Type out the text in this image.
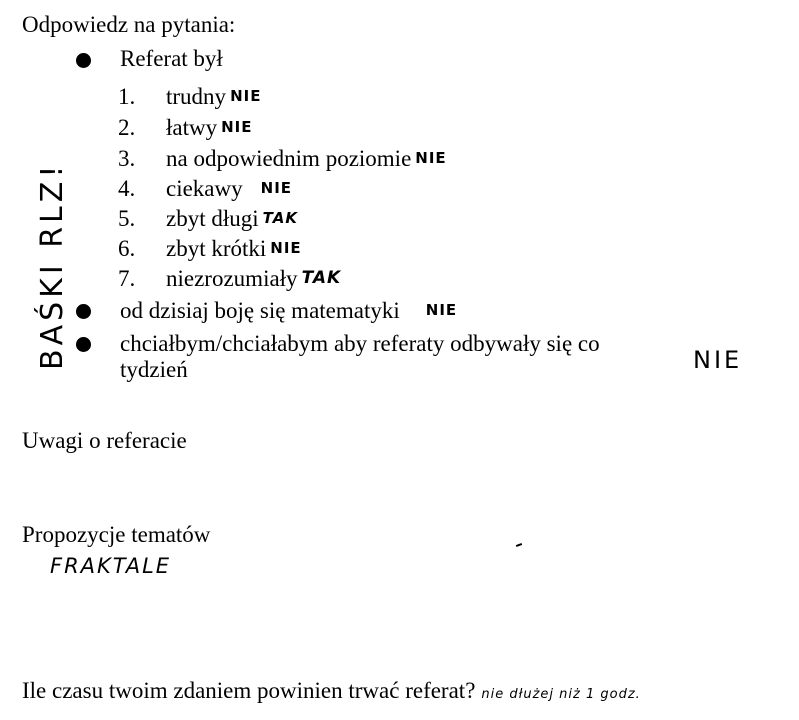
Odpowiedz na pytania:
Referat był
1. trudny NIE
2. łatwy NIE
3. na odpowiednim poziomie NIE
4. ciekawy NIE
5. zbyt długi TAK
6. zbyt krótki NIE
7. niezrozumiały TAK
od dzisiaj boję się matematyki NIE
chciałbym/chciałabym aby referaty odbywały się co
tydzień	NIE
Uwagi o referacie
Propozycje tematów
FRAKTALE
Ile czasu twoim zdaniem powinien trwać referat? nie dłużej niż 1 godz.
BAŚKI RLZ!
